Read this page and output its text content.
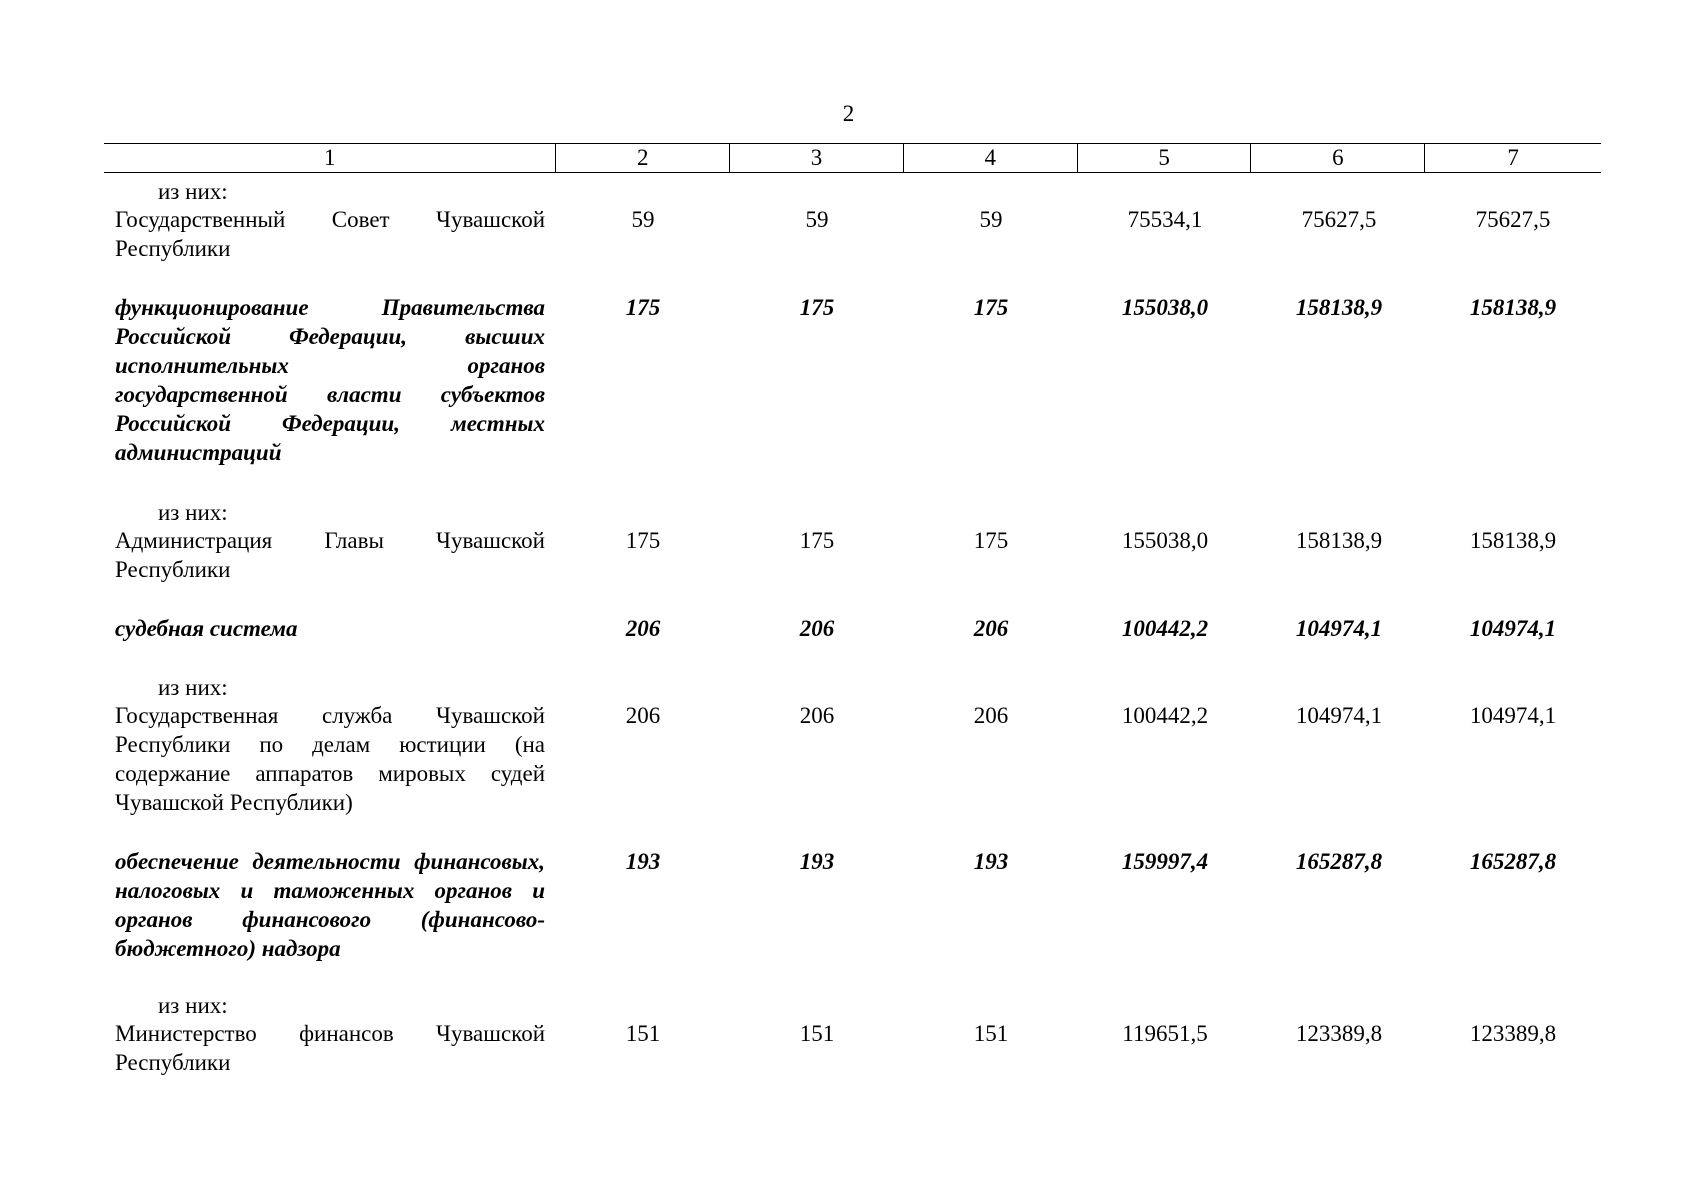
2
1	2	3	4	5	6	7
из них:
Государственный Совет Чувашской Республики
59	59	59	75534,1	75627,5	75627,5
функционирование Правительства Российской Федерации, высших исполнительных органов государственной власти субъектов Российской Федерации, местных администраций
175	175	175	155038,0	158138,9	158138,9
из них:
Администрация Главы Чувашской Республики
175	175	175	155038,0	158138,9	158138,9
судебная система	206	206	206	100442,2	104974,1	104974,1
из них:
Государственная служба Чувашской Республики по делам юстиции (на содержание аппаратов мировых судей Чувашской Республики)
206	206	206	100442,2	104974,1	104974,1
обеспечение деятельности финансовых, налоговых и таможенных органов и органов финансового (финансово-бюджетного) надзора
193	193	193	159997,4	165287,8	165287,8
из них:
Министерство финансов Чувашской Республики
151	151	151	119651,5	123389,8	123389,8
